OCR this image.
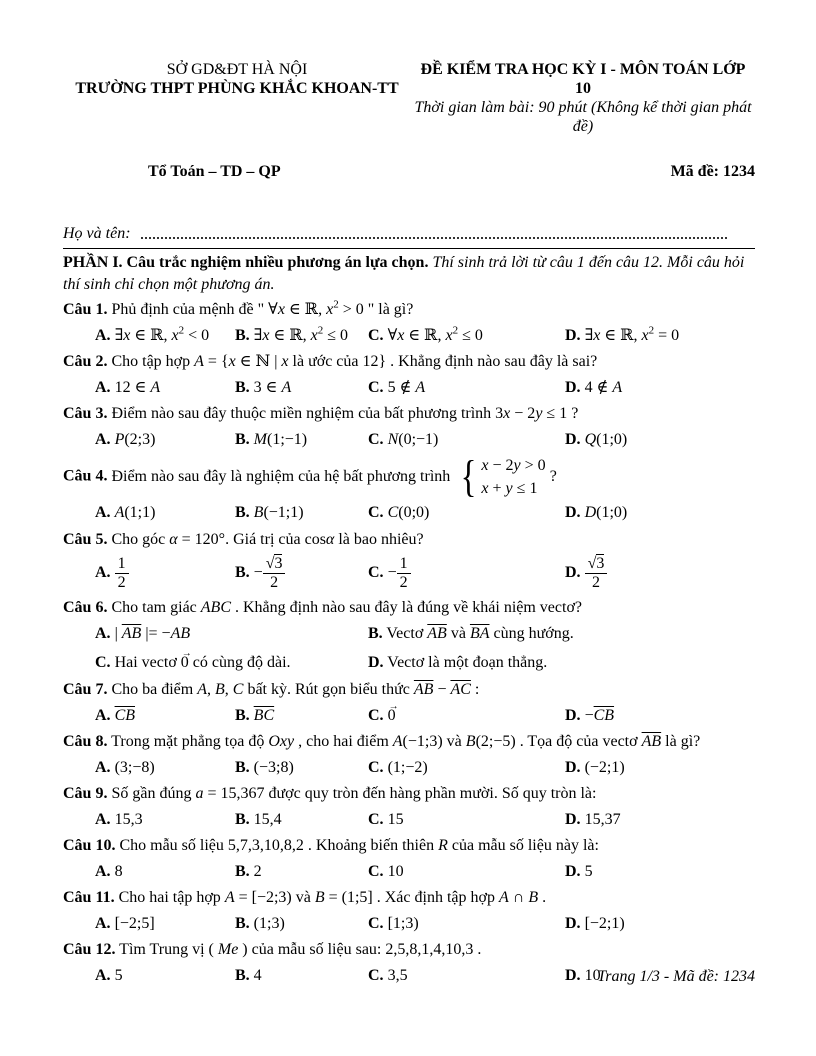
SỞ GD&ĐT HÀ NỘI
TRƯỜNG THPT PHÙNG KHẮC KHOAN-TT
ĐỀ KIỂM TRA HỌC KỲ I - MÔN TOÁN LỚP 10
Thời gian làm bài: 90 phút (Không kể thời gian phát đề)
Tổ Toán – TD – QP	Mã đề: 1234
Họ và tên:

PHẦN I. Câu trắc nghiệm nhiều phương án lựa chọn. Thí sinh trả lời từ câu 1 đến câu 12. Mỗi câu hỏi thí sinh chỉ chọn một phương án.

Câu 1. Phủ định của mệnh đề " ∀x ∈ ℝ, $x^2 > 0$ " là gì?

A. ∃x ∈ ℝ, $x^2 < 0$	B. ∃x ∈ ℝ, $x^2 \le 0$	C. ∀x ∈ ℝ, $x^2 \le 0$	D. ∃x ∈ ℝ, $x^2 = 0$

Câu 2. Cho tập hợp A = {x ∈ ℕ | x là ước của 12} . Khẳng định nào sau đây là sai?

A. 12 ∈ A	B. 3 ∈ A	C. 5 ∉ A	D. 4 ∉ A

Câu 3. Điểm nào sau đây thuộc miền nghiệm của bất phương trình 3x − 2y ≤ 1 ?

A. P(2;3)	B. M(1;−1)	C. N(0;−1)	D. Q(1;0)

Câu 4. Điểm nào sau đây là nghiệm của hệ bất phương trình { x − 2y > 0
x + y ≤ 1
?

A. A(1;1)	B. B(−1;1)	C. C(0;0)	D. D(1;0)

Câu 5. Cho góc α = 120°. Giá trị của cosα là bao nhiêu?

A. $\frac{1}{2}$	B. − $\frac{√3}{2}$	C. − $\frac{1}{2}$	D. $\frac{√3}{2}$

Câu 6. Cho tam giác ABC . Khẳng định nào sau đây là đúng về khái niệm vectơ?

A. | $\overline{AB}$ |= −AB	B. Vectơ $\overline{AB}$ và $\overline{BA}$ cùng hướng.
C. Hai vectơ → 0 có cùng độ dài.	D. Vectơ là một đoạn thẳng.

Câu 7. Cho ba điểm A, B, C bất kỳ. Rút gọn biểu thức $\overline{AB} - \overline{AC}$ :

A. $\overline{CB}$	B. $\overline{BC}$	C. → 0	D. $-\overline{CB}$

Câu 8. Trong mặt phẳng tọa độ Oxy , cho hai điểm A(−1;3) và B(2;−5) . Tọa độ của vectơ $\overline{AB}$ là gì?

A. (3;−8)	B. (−3;8)	C. (1;−2)	D. (−2;1)

Câu 9. Số gần đúng a = 15,367 được quy tròn đến hàng phần mười. Số quy tròn là:

A. 15,3	B. 15,4	C. 15	D. 15,37

Câu 10. Cho mẫu số liệu 5,7,3,10,8,2 . Khoảng biến thiên R của mẫu số liệu này là:

A. 8	B. 2	C. 10	D. 5

Câu 11. Cho hai tập hợp A = [−2;3) và B = (1;5] . Xác định tập hợp A ∩ B .

A. [−2;5]	B. (1;3)	C. [1;3)	D. [−2;1)

Câu 12. Tìm Trung vị ( Me ) của mẫu số liệu sau: 2,5,8,1,4,10,3 .

A. 5	B. 4	C. 3,5	D. 10
Trang 1/3 - Mã đề: 1234
